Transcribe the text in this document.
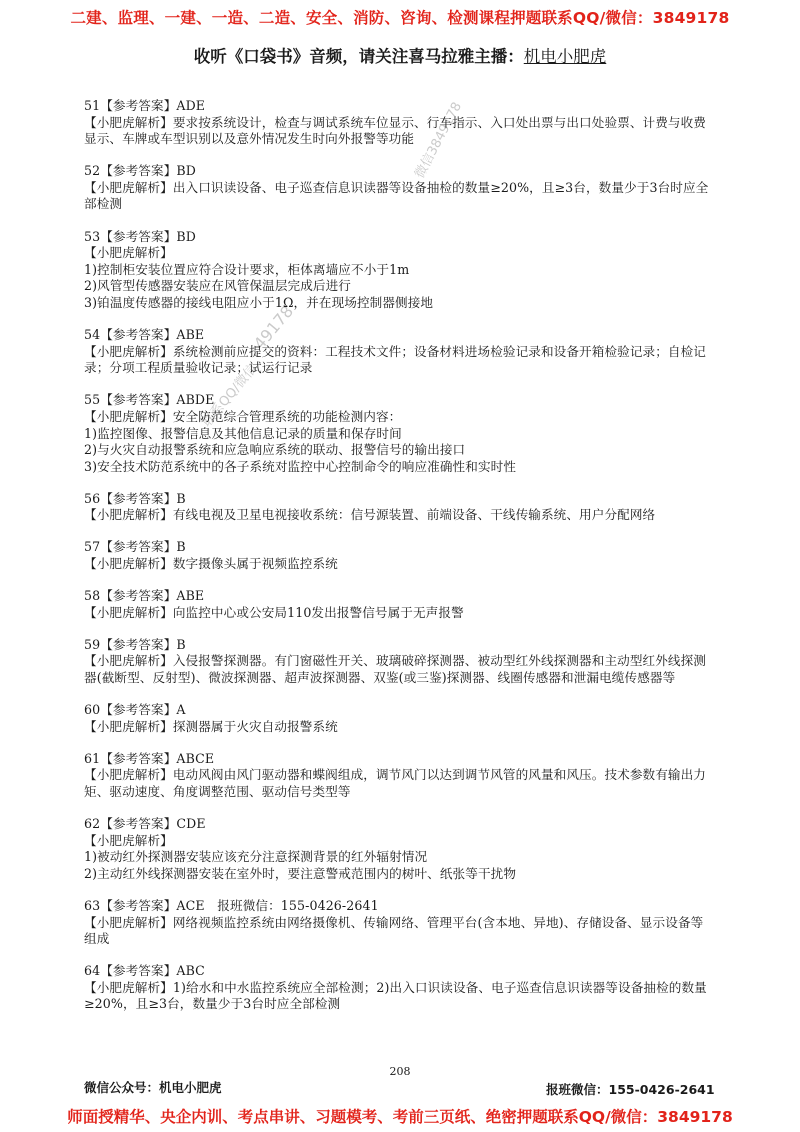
二建、监理、一建、一造、二造、安全、消防、咨询、检测课程押题联系QQ/微信：3849178
收听《口袋书》音频，请关注喜马拉雅主播：机电小肥虎
微信3849178
49178
联系QQ/微信
51【参考答案】ADE
【小肥虎解析】要求按系统设计，检查与调试系统车位显示、行车指示、入口处出票与出口处验票、计费与收费显示、车牌或车型识别以及意外情况发生时向外报警等功能
52【参考答案】BD
【小肥虎解析】出入口识读设备、电子巡查信息识读器等设备抽检的数量≥20%，且≥3台，数量少于3台时应全部检测
53【参考答案】BD
【小肥虎解析】
1)控制柜安装位置应符合设计要求，柜体离墙应不小于1m
2)风管型传感器安装应在风管保温层完成后进行
3)铂温度传感器的接线电阻应小于1Ω，并在现场控制器侧接地
54【参考答案】ABE
【小肥虎解析】系统检测前应提交的资料：工程技术文件；设备材料进场检验记录和设备开箱检验记录；自检记录；分项工程质量验收记录；试运行记录
55【参考答案】ABDE
【小肥虎解析】安全防范综合管理系统的功能检测内容：
1)监控图像、报警信息及其他信息记录的质量和保存时间
2)与火灾自动报警系统和应急响应系统的联动、报警信号的输出接口
3)安全技术防范系统中的各子系统对监控中心控制命令的响应准确性和实时性
56【参考答案】B
【小肥虎解析】有线电视及卫星电视接收系统：信号源装置、前端设备、干线传输系统、用户分配网络
57【参考答案】B
【小肥虎解析】数字摄像头属于视频监控系统
58【参考答案】ABE
【小肥虎解析】向监控中心或公安局110发出报警信号属于无声报警
59【参考答案】B
【小肥虎解析】入侵报警探测器。有门窗磁性开关、玻璃破碎探测器、被动型红外线探测器和主动型红外线探测器(截断型、反射型)、微波探测器、超声波探测器、双鉴(或三鉴)探测器、线圈传感器和泄漏电缆传感器等
60【参考答案】A
【小肥虎解析】探测器属于火灾自动报警系统
61【参考答案】ABCE
【小肥虎解析】电动风阀由风门驱动器和蝶阀组成，调节风门以达到调节风管的风量和风压。技术参数有输出力矩、驱动速度、角度调整范围、驱动信号类型等
62【参考答案】CDE
【小肥虎解析】
1)被动红外探测器安装应该充分注意探测背景的红外辐射情况
2)主动红外线探测器安装在室外时，要注意警戒范围内的树叶、纸张等干扰物
63【参考答案】ACE　报班微信：155-0426-2641
【小肥虎解析】网络视频监控系统由网络摄像机、传输网络、管理平台(含本地、异地)、存储设备、显示设备等组成
64【参考答案】ABC
【小肥虎解析】1)给水和中水监控系统应全部检测；2)出入口识读设备、电子巡查信息识读器等设备抽检的数量≥20%，且≥3台，数量少于3台时应全部检测
208
微信公众号：机电小肥虎	报班微信：155-0426-2641
师面授精华、央企内训、考点串讲、习题模考、考前三页纸、绝密押题联系QQ/微信：3849178
